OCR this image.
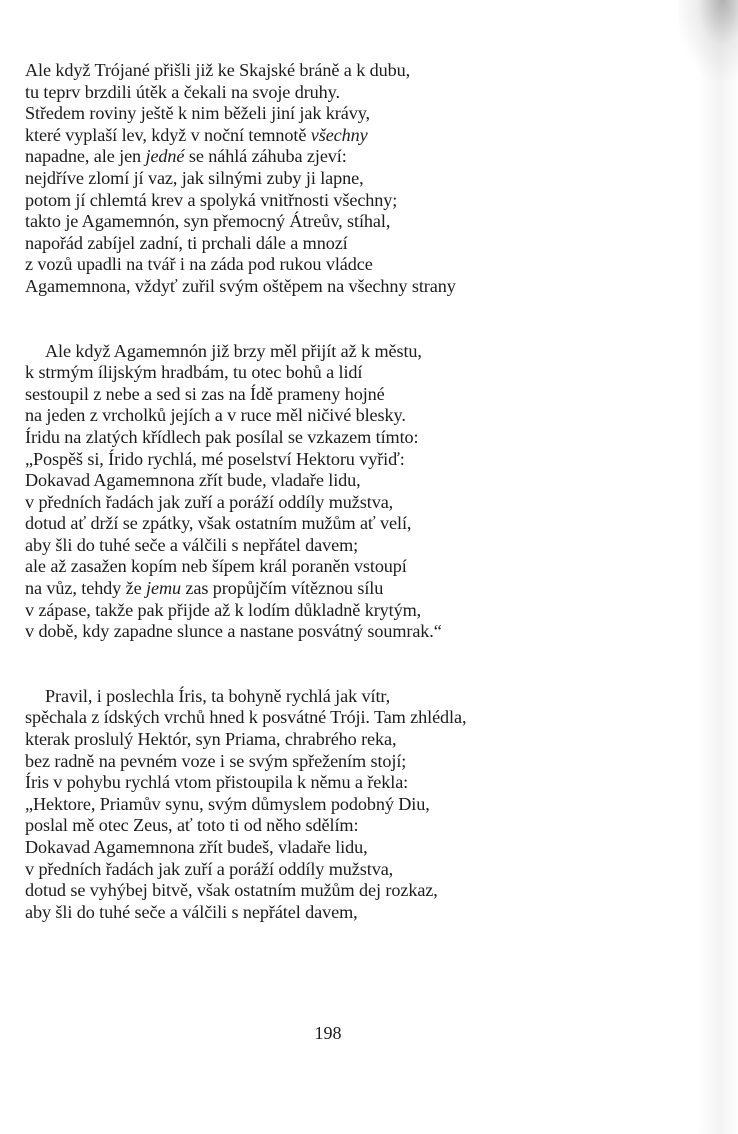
Ale když Trójané přišli již ke Skajské bráně a k dubu,
tu teprv brzdili útěk a čekali na svoje druhy.
Středem roviny ještě k nim běželi jiní jak krávy,
které vyplaší lev, když v noční temnotě všechny
napadne, ale jen jedné se náhlá záhuba zjeví:
nejdříve zlomí jí vaz, jak silnými zuby ji lapne,
potom jí chlemtá krev a spolyká vnitřnosti všechny;
takto je Agamemnón, syn přemocný Átreův, stíhal,
napořád zabíjel zadní, ti prchali dále a mnozí
z vozů upadli na tvář i na záda pod rukou vládce
Agamemnona, vždyť zuřil svým oštěpem na všechny strany
Ale když Agamemnón již brzy měl přijít až k městu,
k strmým ílijským hradbám, tu otec bohů a lidí
sestoupil z nebe a sed si zas na Ídě prameny hojné
na jeden z vrcholků jejích a v ruce měl ničivé blesky.
Íridu na zlatých křídlech pak posílal se vzkazem tímto:
„Pospěš si, Írido rychlá, mé poselství Hektoru vyřiď:
Dokavad Agamemnona zřít bude, vladaře lidu,
v předních řadách jak zuří a poráží oddíly mužstva,
dotud ať drží se zpátky, však ostatním mužům ať velí,
aby šli do tuhé seče a válčili s nepřátel davem;
ale až zasažen kopím neb šípem král poraněn vstoupí
na vůz, tehdy že jemu zas propůjčím vítěznou sílu
v zápase, takže pak přijde až k lodím důkladně krytým,
v době, kdy zapadne slunce a nastane posvátný soumrak.“
Pravil, i poslechla Íris, ta bohyně rychlá jak vítr,
spěchala z ídských vrchů hned k posvátné Tróji. Tam zhlédla,
kterak proslulý Hektór, syn Priama, chrabrého reka,
bez radně na pevném voze i se svým spřežením stojí;
Íris v pohybu rychlá vtom přistoupila k němu a řekla:
„Hektore, Priamův synu, svým důmyslem podobný Diu,
poslal mě otec Zeus, ať toto ti od něho sdělím:
Dokavad Agamemnona zřít budeš, vladaře lidu,
v předních řadách jak zuří a poráží oddíly mužstva,
dotud se vyhýbej bitvě, však ostatním mužům dej rozkaz,
aby šli do tuhé seče a válčili s nepřátel davem,
198
